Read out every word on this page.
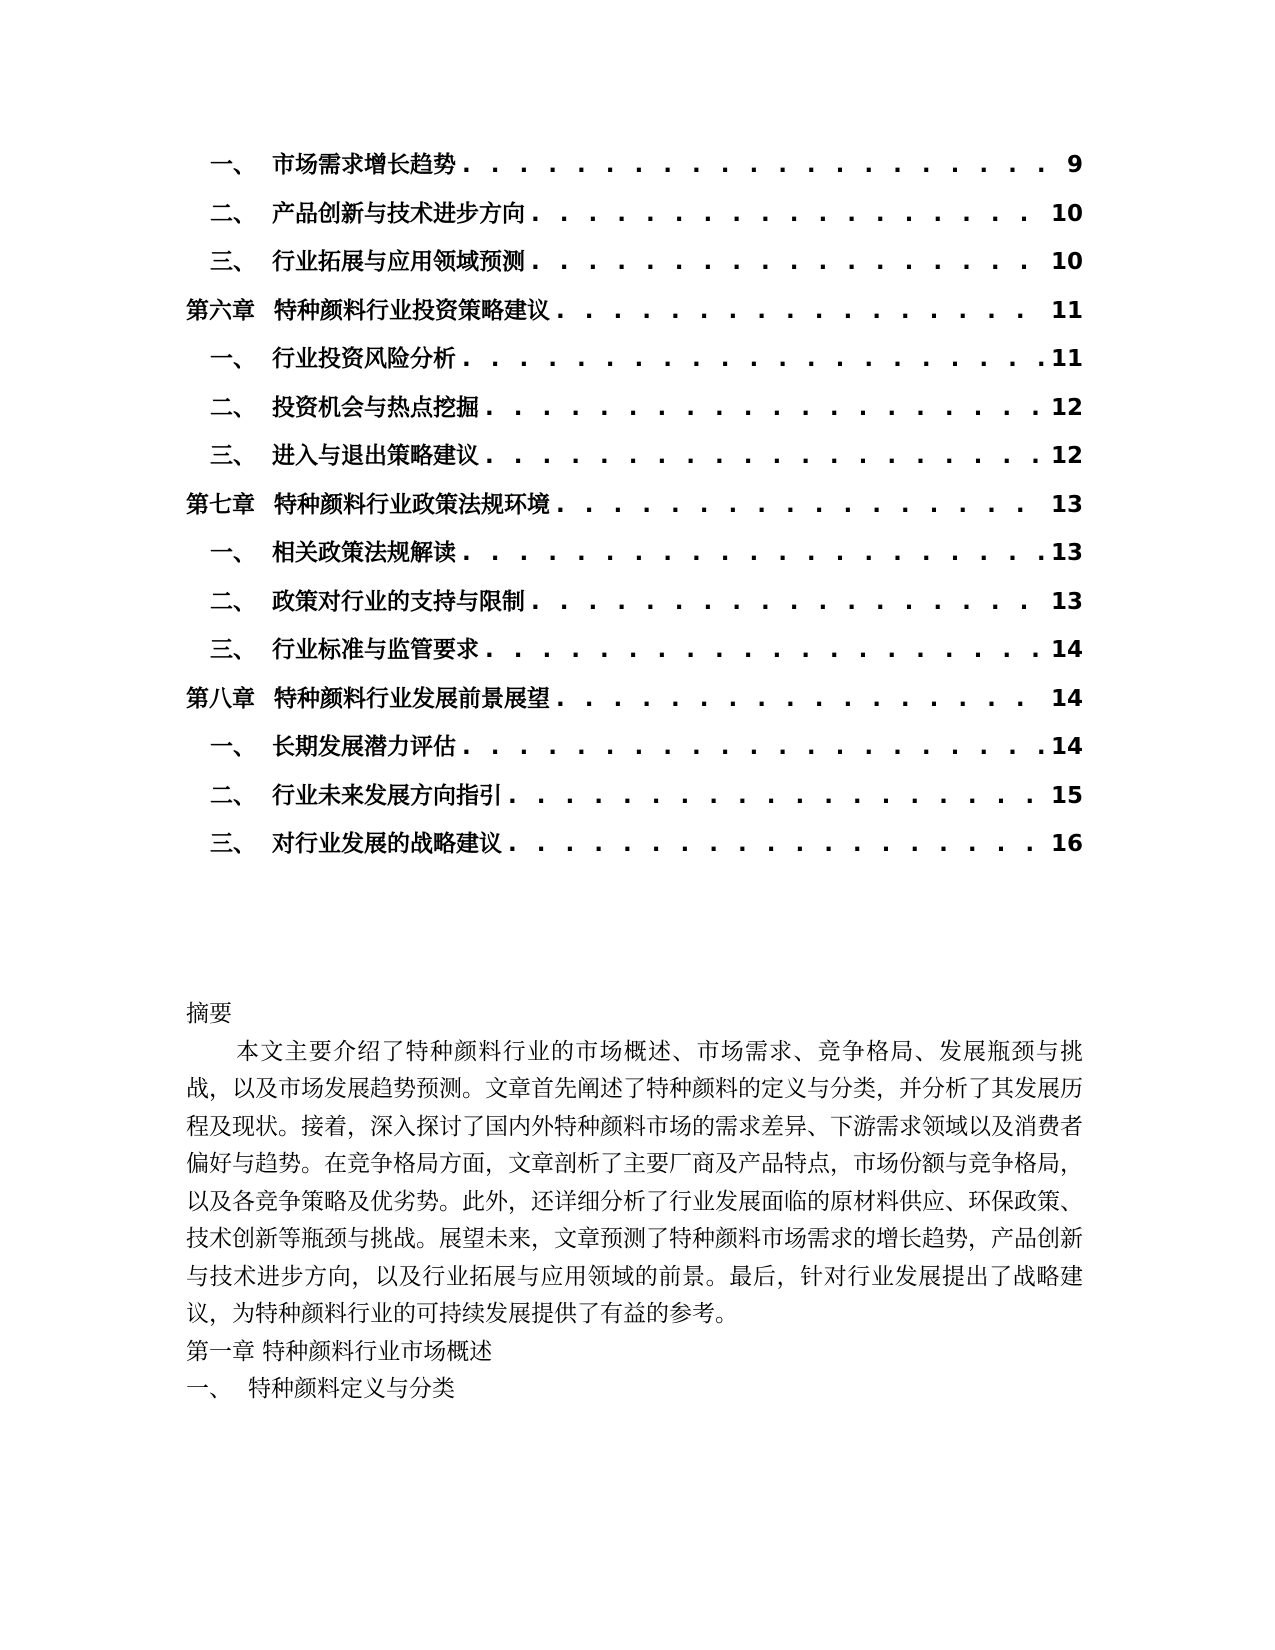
一、 市场需求增长趋势 . . .	9
二、 产品创新与技术进步方向 . . .	10
三、 行业拓展与应用领域预测 . . .	10
第六章 特种颜料行业投资策略建议 . . .	11
一、 行业投资风险分析 . . .	11
二、 投资机会与热点挖掘 . . .	12
三、 进入与退出策略建议 . . .	12
第七章 特种颜料行业政策法规环境 . . .	13
一、 相关政策法规解读 . . .	13
二、 政策对行业的支持与限制 . . .	13
三、 行业标准与监管要求 . . .	14
第八章 特种颜料行业发展前景展望 . . .	14
一、 长期发展潜力评估 . . .	14
二、 行业未来发展方向指引 . . .	15
三、 对行业发展的战略建议 . . .	16

摘要

本文主要介绍了特种颜料行业的市场概述、市场需求、竞争格局、发展瓶颈与挑战，以及市场发展趋势预测。文章首先阐述了特种颜料的定义与分类，并分析了其发展历程及现状。接着，深入探讨了国内外特种颜料市场的需求差异、下游需求领域以及消费者偏好与趋势。在竞争格局方面，文章剖析了主要厂商及产品特点，市场份额与竞争格局，以及各竞争策略及优劣势。此外，还详细分析了行业发展面临的原材料供应、环保政策、技术创新等瓶颈与挑战。展望未来，文章预测了特种颜料市场需求的增长趋势，产品创新与技术进步方向，以及行业拓展与应用领域的前景。最后，针对行业发展提出了战略建议，为特种颜料行业的可持续发展提供了有益的参考。

第一章 特种颜料行业市场概述

一、 特种颜料定义与分类
